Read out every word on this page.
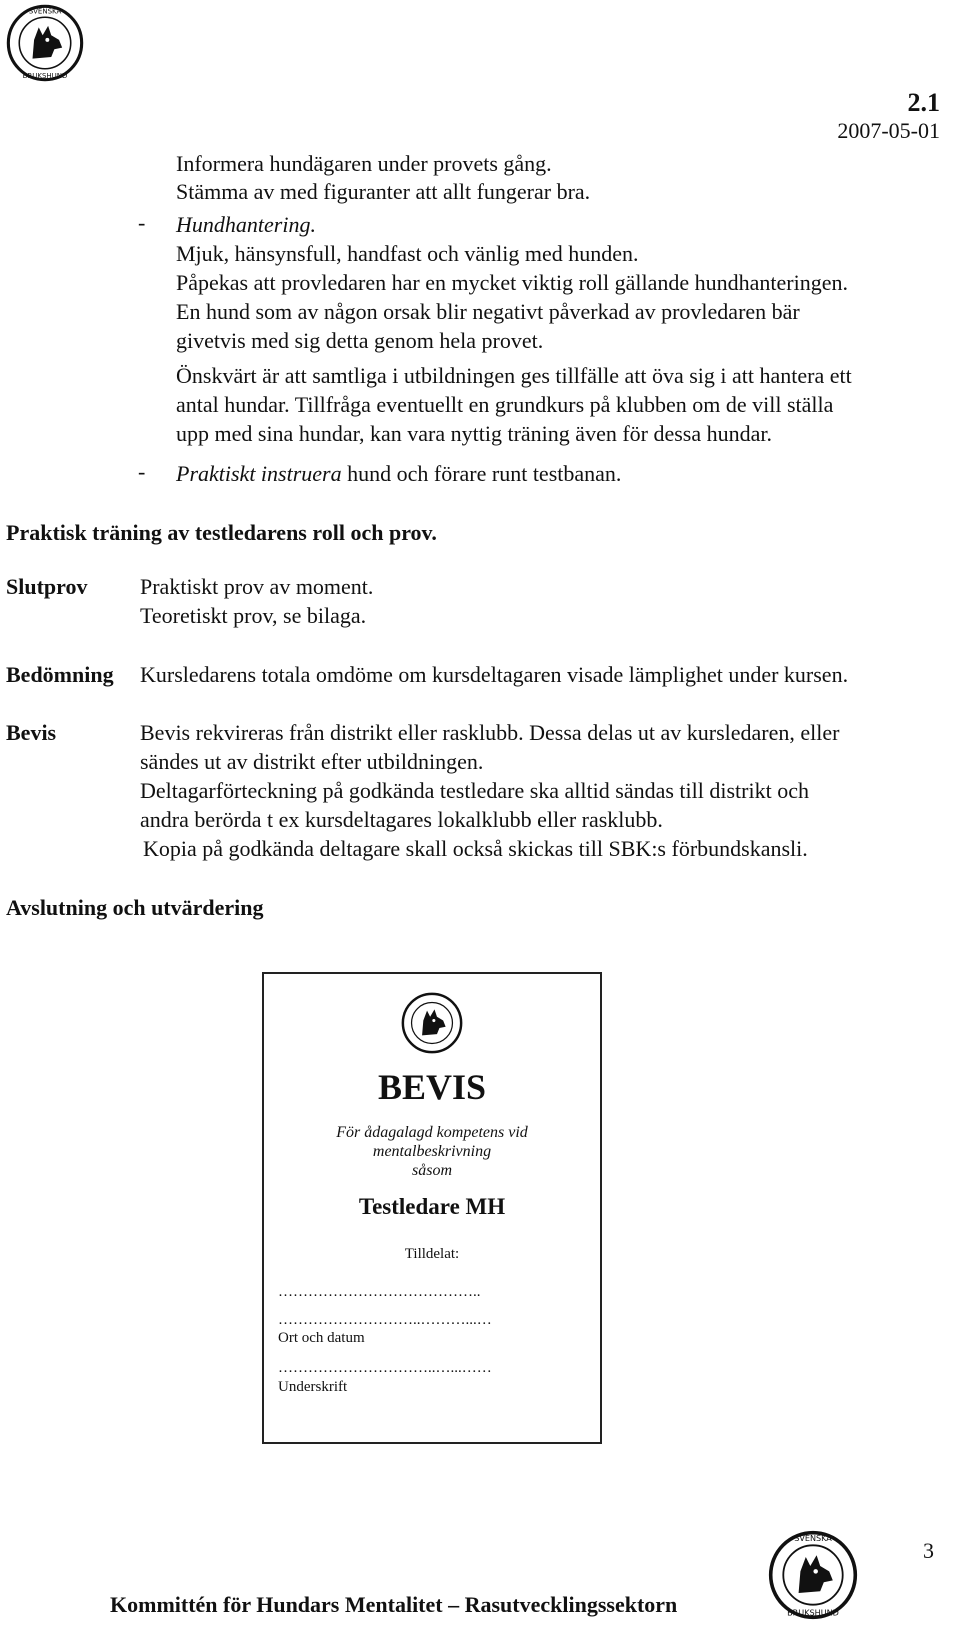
SVENSKA
BRUKSHUND
2.1
2007-05-01
Informera hundägaren under provets gång.
Stämma av med figuranter att allt fungerar bra.
- Hundhantering.
Mjuk, hänsynsfull, handfast och vänlig med hunden.
Påpekas att provledaren har en mycket viktig roll gällande hundhanteringen.
En hund som av någon orsak blir negativt påverkad av provledaren bär
givetvis med sig detta genom hela provet.
Önskvärt är att samtliga i utbildningen ges tillfälle att öva sig i att hantera ett
antal hundar. Tillfråga eventuellt en grundkurs på klubben om de vill ställa
upp med sina hundar, kan vara nyttig träning även för dessa hundar.
- Praktiskt instruera hund och förare runt testbanan.
Praktisk träning av testledarens roll och prov.
Slutprov Praktiskt prov av moment.
Teoretiskt prov, se bilaga.
Bedömning Kursledarens totala omdöme om kursdeltagaren visade lämplighet under kursen.
Bevis	Bevis rekvireras från distrikt eller rasklubb. Dessa delas ut av kursledaren, eller
sändes ut av distrikt efter utbildningen.
Deltagarförteckning på godkända testledare ska alltid sändas till distrikt och
andra berörda t ex kursdeltagares lokalklubb eller rasklubb.
Kopia på godkända deltagare skall också skickas till SBK:s förbundskansli.
Avslutning och utvärdering
BEVIS
För ådagalagd kompetens vid
mentalbeskrivning
såsom
Testledare MH
Tilldelat:
…………………………………..
………………………..………...…
Ort och datum
…………………………..…...……
Underskrift
SVENSKA
BRUKSHUND
3
Kommittén för Hundars Mentalitet – Rasutvecklingssektorn
